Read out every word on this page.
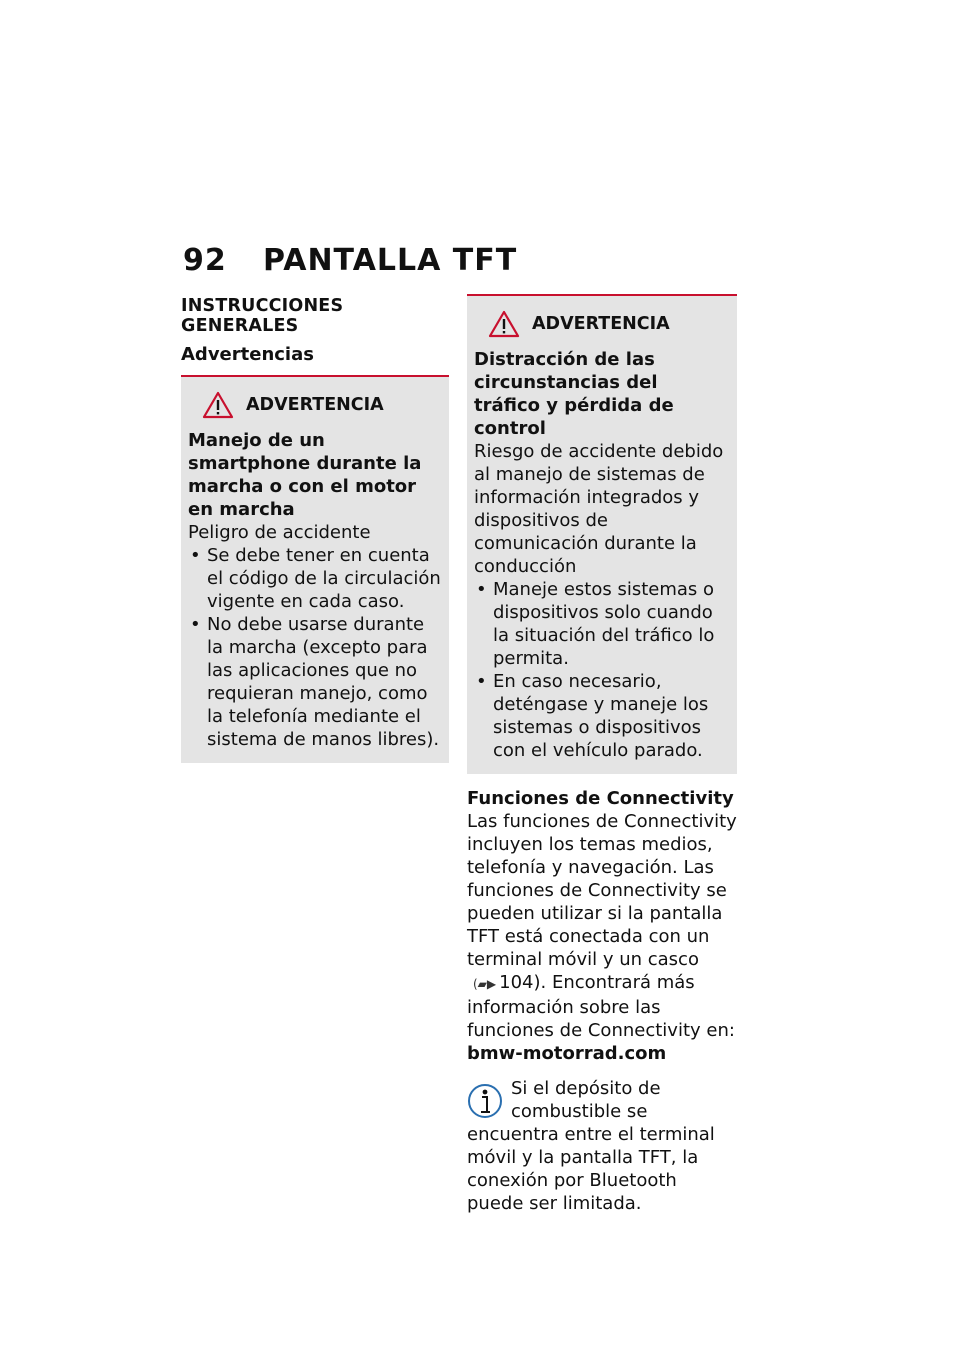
92 PANTALLA TFT
INSTRUCCIONES GENERALES
Advertencias
ADVERTENCIA
Manejo de un smartphone durante la marcha o con el motor en marcha
Peligro de accidente
• Se debe tener en cuenta el código de la circulación vigente en cada caso.
• No debe usarse durante la marcha (excepto para las aplicaciones que no requieran manejo, como la telefonía mediante el sistema de manos libres).
ADVERTENCIA
Distracción de las circunstancias del tráfico y pérdida de control
Riesgo de accidente debido al manejo de sistemas de información integrados y dispositivos de comunicación durante la conducción
• Maneje estos sistemas o dispositivos solo cuando la situación del tráfico lo permita.
• En caso necesario, deténgase y maneje los sistemas o dispositivos con el vehículo parado.
Funciones de Connectivity
Las funciones de Connectivity incluyen los temas medios, telefonía y navegación. Las funciones de Connectivity se pueden utilizar si la pantalla TFT está conectada con un terminal móvil y un casco (▰▶ 104). Encontrará más información sobre las funciones de Connectivity en: bmw-motorrad.com
Si el depósito de combustible se encuentra entre el terminal móvil y la pantalla TFT, la conexión por Bluetooth puede ser limitada.
